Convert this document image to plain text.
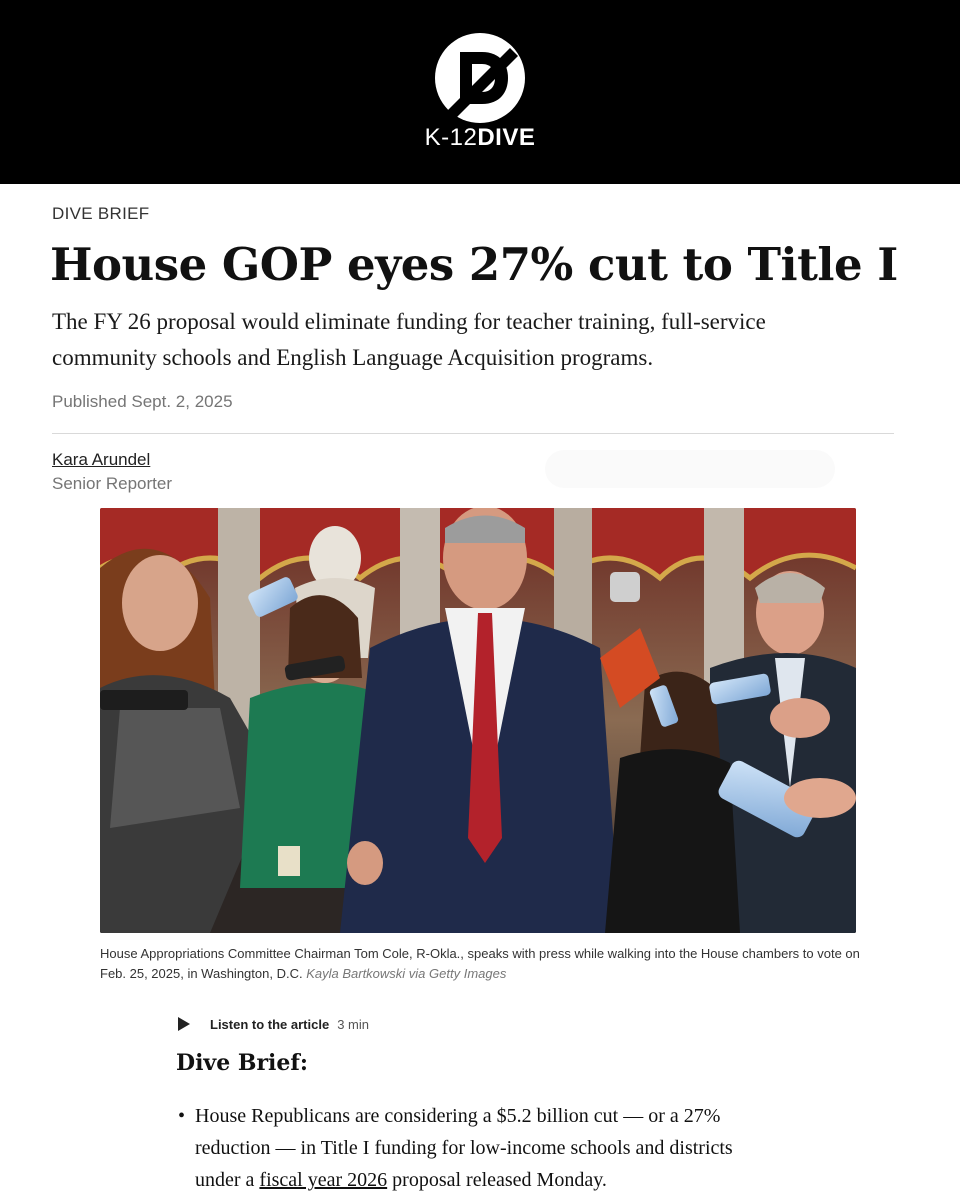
K-12DIVE
DIVE BRIEF
House GOP eyes 27% cut to Title I
The FY 26 proposal would eliminate funding for teacher training, full-service community schools and English Language Acquisition programs.
Published Sept. 2, 2025
Kara Arundel
Senior Reporter
House Appropriations Committee Chairman Tom Cole, R-Okla., speaks with press while walking into the House chambers to vote on Feb. 25, 2025, in Washington, D.C. Kayla Bartkowski via Getty Images
Listen to the article 3 min
Dive Brief:
• House Republicans are considering a $5.2 billion cut — or a 27% reduction — in Title I funding for low-income schools and districts under a fiscal year 2026 proposal released Monday.
